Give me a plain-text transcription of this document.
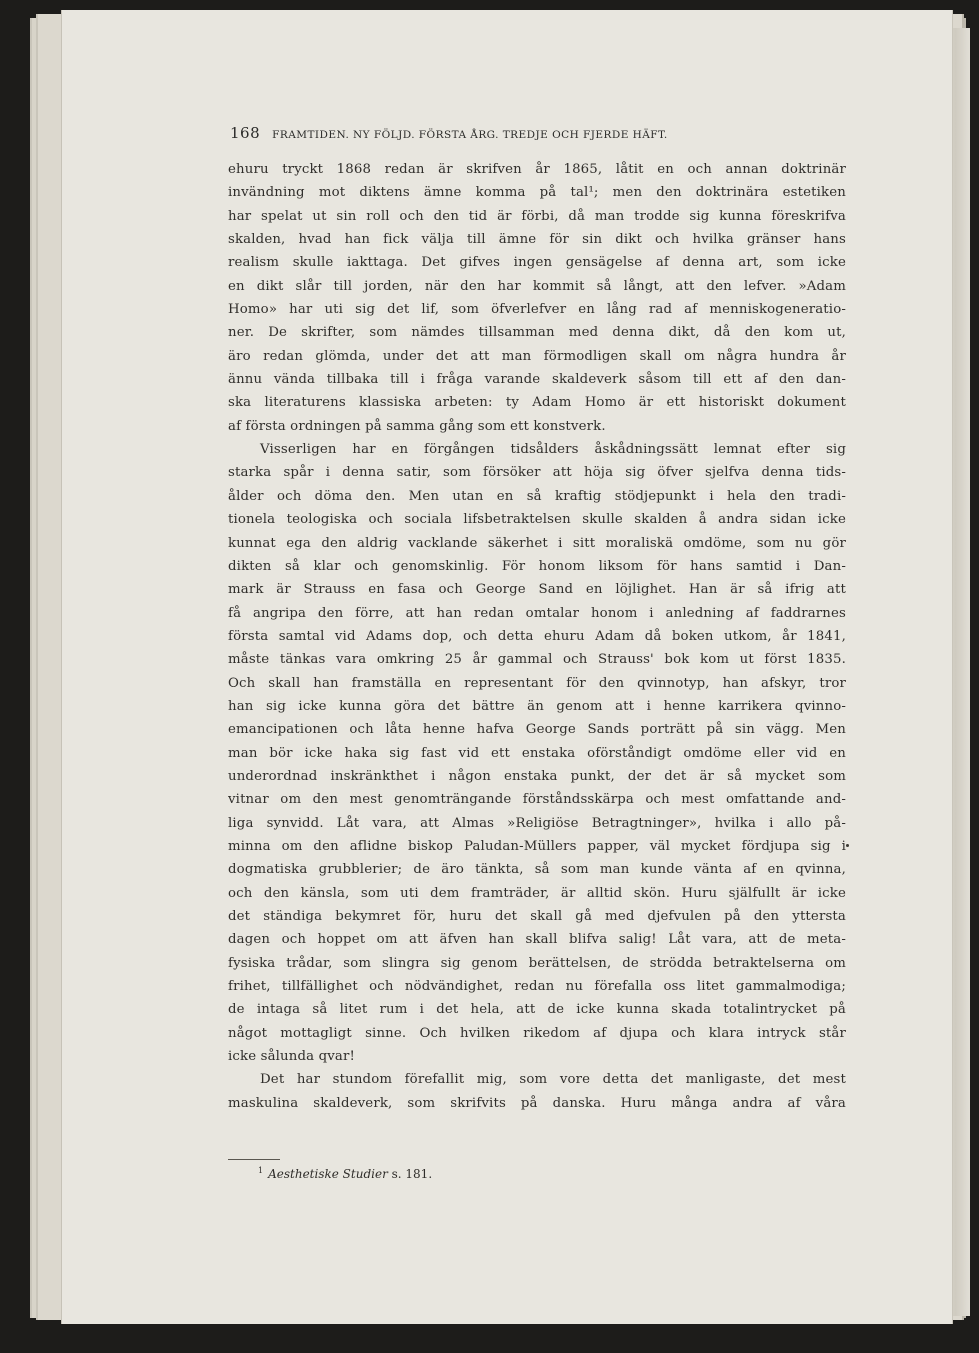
168 FRAMTIDEN. NY FÖLJD. FÖRSTA ÅRG. TREDJE OCH FJERDE HÄFT.
ehuru tryckt 1868 redan är skrifven år 1865, låtit en och annan doktrinär
invändning mot diktens ämne komma på tal¹; men den doktrinära estetiken
har spelat ut sin roll och den tid är förbi, då man trodde sig kunna föreskrifva
skalden, hvad han fick välja till ämne för sin dikt och hvilka gränser hans
realism skulle iakttaga. Det gifves ingen gensägelse af denna art, som icke
en dikt slår till jorden, när den har kommit så långt, att den lefver. »Adam
Homo» har uti sig det lif, som öfverlefver en lång rad af menniskogeneratio-
ner. De skrifter, som nämdes tillsamman med denna dikt, då den kom ut,
äro redan glömda, under det att man förmodligen skall om några hundra år
ännu vända tillbaka till i fråga varande skaldeverk såsom till ett af den dan-
ska literaturens klassiska arbeten: ty Adam Homo är ett historiskt dokument
af första ordningen på samma gång som ett konstverk.
Visserligen har en förgången tidsålders åskådningssätt lemnat efter sig
starka spår i denna satir, som försöker att höja sig öfver sjelfva denna tids-
ålder och döma den. Men utan en så kraftig stödjepunkt i hela den tradi-
tionela teologiska och sociala lifsbetraktelsen skulle skalden å andra sidan icke
kunnat ega den aldrig vacklande säkerhet i sitt moraliskä omdöme, som nu gör
dikten så klar och genomskinlig. För honom liksom för hans samtid i Dan-
mark är Strauss en fasa och George Sand en löjlighet. Han är så ifrig att
få angripa den förre, att han redan omtalar honom i anledning af faddrarnes
första samtal vid Adams dop, och detta ehuru Adam då boken utkom, år 1841,
måste tänkas vara omkring 25 år gammal och Strauss' bok kom ut först 1835.
Och skall han framställa en representant för den qvinnotyp, han afskyr, tror
han sig icke kunna göra det bättre än genom att i henne karrikera qvinno-
emancipationen och låta henne hafva George Sands porträtt på sin vägg. Men
man bör icke haka sig fast vid ett enstaka oförståndigt omdöme eller vid en
underordnad inskränkthet i någon enstaka punkt, der det är så mycket som
vitnar om den mest genomträngande förståndsskärpa och mest omfattande and-
liga synvidd. Låt vara, att Almas »Religiöse Betragtninger», hvilka i allo på-
minna om den aflidne biskop Paludan-Müllers papper, väl mycket fördjupa sig i
dogmatiska grubblerier; de äro tänkta, så som man kunde vänta af en qvinna,
och den känsla, som uti dem framträder, är alltid skön. Huru själfullt är icke
det ständiga bekymret för, huru det skall gå med djefvulen på den yttersta
dagen och hoppet om att äfven han skall blifva salig! Låt vara, att de meta-
fysiska trådar, som slingra sig genom berättelsen, de strödda betraktelserna om
frihet, tillfällighet och nödvändighet, redan nu förefalla oss litet gammalmodiga;
de intaga så litet rum i det hela, att de icke kunna skada totalintrycket på
något mottagligt sinne. Och hvilken rikedom af djupa och klara intryck står
icke sålunda qvar!
Det har stundom förefallit mig, som vore detta det manligaste, det mest
maskulina skaldeverk, som skrifvits på danska. Huru många andra af våra
$^1$ Aesthetiske Studier s. 181.
